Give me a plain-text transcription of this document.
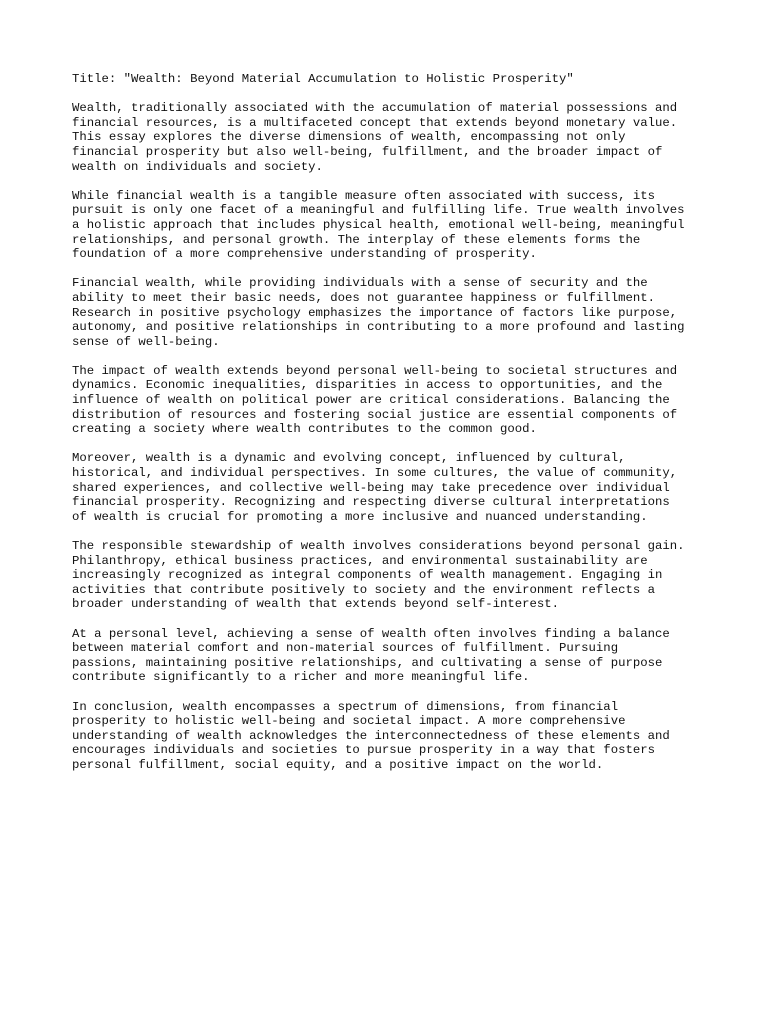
Title: "Wealth: Beyond Material Accumulation to Holistic Prosperity"

Wealth, traditionally associated with the accumulation of material possessions and
financial resources, is a multifaceted concept that extends beyond monetary value.
This essay explores the diverse dimensions of wealth, encompassing not only
financial prosperity but also well-being, fulfillment, and the broader impact of
wealth on individuals and society.

While financial wealth is a tangible measure often associated with success, its
pursuit is only one facet of a meaningful and fulfilling life. True wealth involves
a holistic approach that includes physical health, emotional well-being, meaningful
relationships, and personal growth. The interplay of these elements forms the
foundation of a more comprehensive understanding of prosperity.

Financial wealth, while providing individuals with a sense of security and the
ability to meet their basic needs, does not guarantee happiness or fulfillment.
Research in positive psychology emphasizes the importance of factors like purpose,
autonomy, and positive relationships in contributing to a more profound and lasting
sense of well-being.

The impact of wealth extends beyond personal well-being to societal structures and
dynamics. Economic inequalities, disparities in access to opportunities, and the
influence of wealth on political power are critical considerations. Balancing the
distribution of resources and fostering social justice are essential components of
creating a society where wealth contributes to the common good.

Moreover, wealth is a dynamic and evolving concept, influenced by cultural,
historical, and individual perspectives. In some cultures, the value of community,
shared experiences, and collective well-being may take precedence over individual
financial prosperity. Recognizing and respecting diverse cultural interpretations
of wealth is crucial for promoting a more inclusive and nuanced understanding.

The responsible stewardship of wealth involves considerations beyond personal gain.
Philanthropy, ethical business practices, and environmental sustainability are
increasingly recognized as integral components of wealth management. Engaging in
activities that contribute positively to society and the environment reflects a
broader understanding of wealth that extends beyond self-interest.

At a personal level, achieving a sense of wealth often involves finding a balance
between material comfort and non-material sources of fulfillment. Pursuing
passions, maintaining positive relationships, and cultivating a sense of purpose
contribute significantly to a richer and more meaningful life.

In conclusion, wealth encompasses a spectrum of dimensions, from financial
prosperity to holistic well-being and societal impact. A more comprehensive
understanding of wealth acknowledges the interconnectedness of these elements and
encourages individuals and societies to pursue prosperity in a way that fosters
personal fulfillment, social equity, and a positive impact on the world.
